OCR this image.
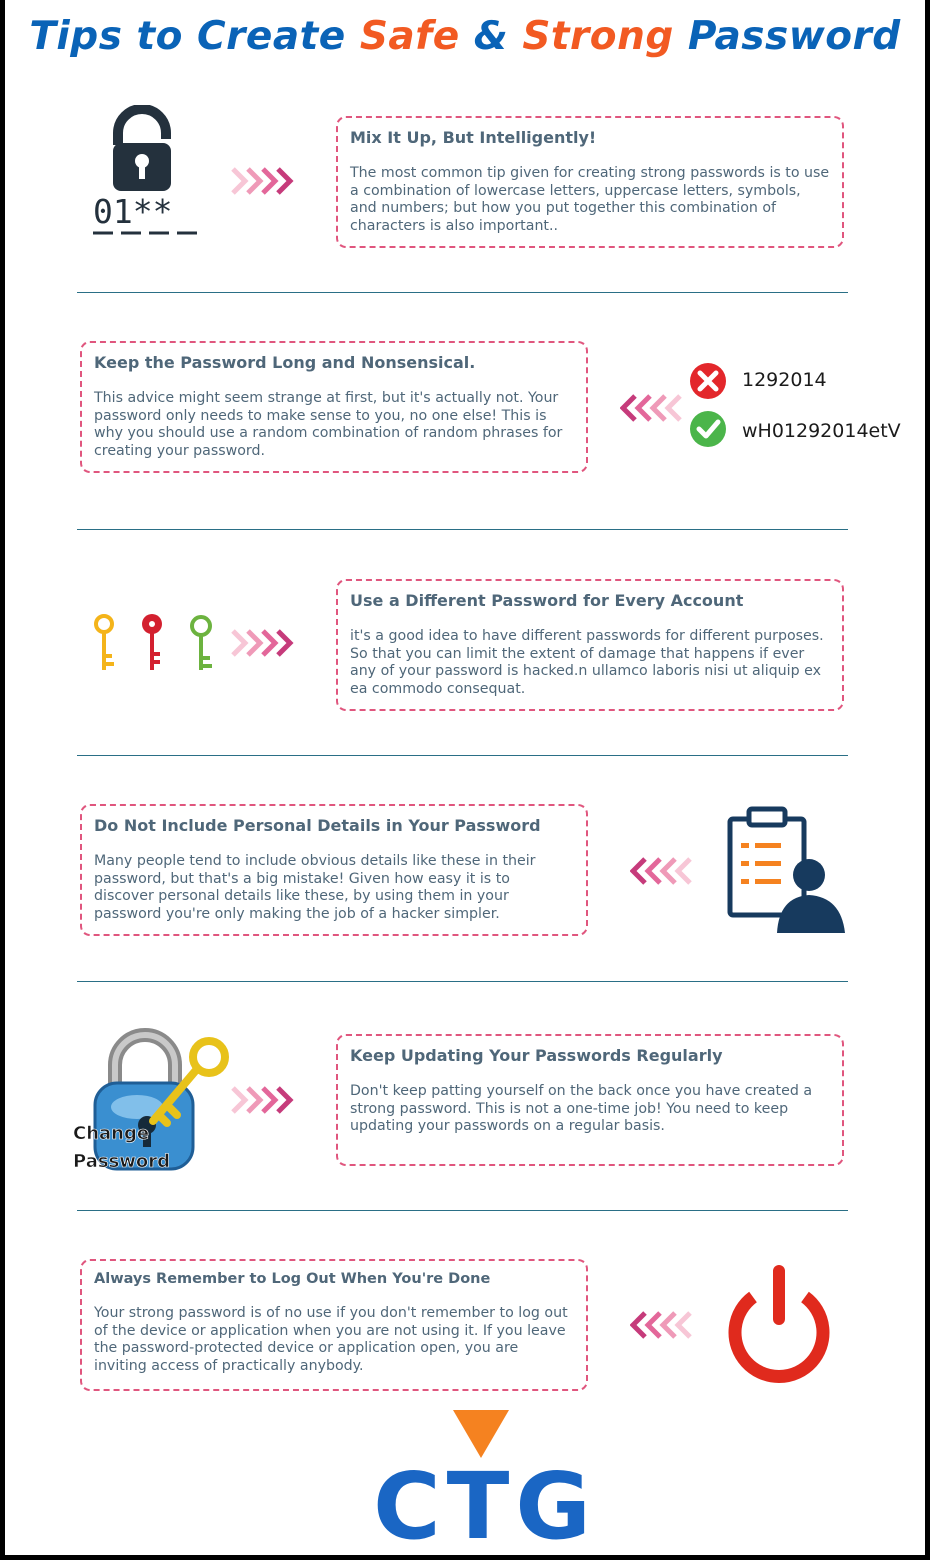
Tips to Create Safe & Strong Password
01**
Mix It Up, But Intelligently!

The most common tip given for creating strong passwords is to use a combination of lowercase letters, uppercase letters, symbols, and numbers; but how you put together this combination of characters is also important..

Keep the Password Long and Nonsensical.

This advice might seem strange at first, but it's actually not. Your password only needs to make sense to you, no one else! This is why you should use a random combination of random phrases for creating your password.

1292014
wH01292014etV
Use a Different Password for Every Account

it's a good idea to have different passwords for different purposes. So that you can limit the extent of damage that happens if ever any of your password is hacked.n ullamco laboris nisi ut aliquip ex ea commodo consequat.

Do Not Include Personal Details in Your Password

Many people tend to include obvious details like these in their password, but that's a big mistake! Given how easy it is to discover personal details like these, by using them in your password you're only making the job of a hacker simpler.

Change
Password
Keep Updating Your Passwords Regularly

Don't keep patting yourself on the back once you have created a strong password. This is not a one-time job! You need to keep updating your passwords on a regular basis.

Always Remember to Log Out When You're Done

Your strong password is of no use if you don't remember to log out of the device or application when you are not using it. If you leave the password-protected device or application open, you are inviting access of practically anybody.

CTG
